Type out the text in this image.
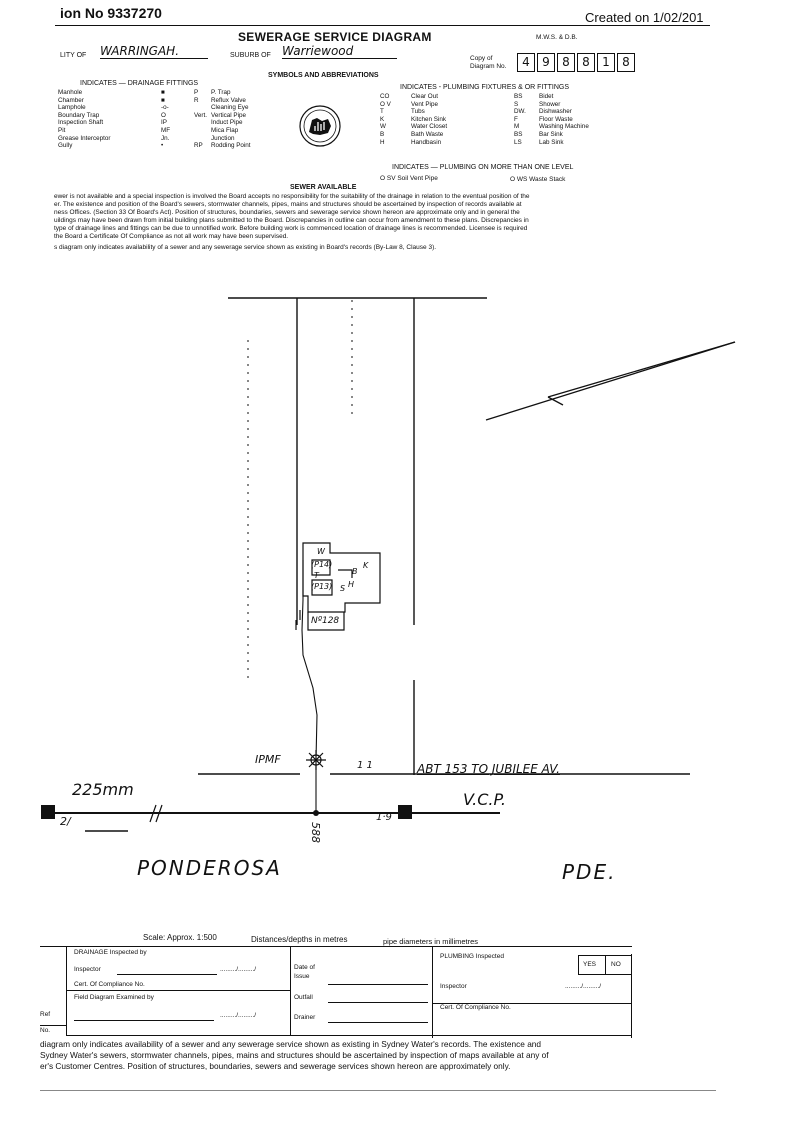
ion No 9337270	Created on 1/02/201
SEWERAGE SERVICE DIAGRAM	M.W.S. & D.B.
LITY OF WARRINGAH.	SUBURB OF Warriewood
Copy of
Diagram No.	4	9	8	8	1	8
SYMBOLS AND ABBREVIATIONS
INDICATES — DRAINAGE FITTINGS
Manhole	■	P	P. Trap
Chamber	■	R	Reflux Valve
Lamphole	-o-		Cleaning Eye
Boundary Trap	O	Vert.	Vertical Pipe
Inspection Shaft	IP		Induct Pipe
Pit	MF		Mica Flap
Grease Interceptor	Jn.		Junction
Gully	•	RP	Rodding Point
INDICATES - PLUMBING FIXTURES & OR FITTINGS
CO	Clear Out	BS	Bidet
O V	Vent Pipe	S	Shower
T	Tubs	DW.	Dishwasher
K	Kitchen Sink	F	Floor Waste
W	Water Closet	M	Washing Machine
B	Bath Waste	BS	Bar Sink
H	Handbasin	LS	Lab Sink
INDICATES — PLUMBING ON MORE THAN ONE LEVEL
O SV Soil Vent Pipe	O WS Waste Stack
SEWER AVAILABLE
ewer is not available and a special inspection is involved the Board accepts no responsibility for the suitability of the drainage in relation to the eventual position of the
er. The existence and position of the Board's sewers, stormwater channels, pipes, mains and structures should be ascertained by inspection of records available at
ness Offices. (Section 33 Of Board's Act). Position of structures, boundaries, sewers and sewerage service shown hereon are approximate only and in general the
uildings may have been drawn from initial building plans submitted to the Board. Discrepancies in outline can occur from amendment to these plans. Discrepancies in
type of drainage lines and fittings can be due to unnotified work. Before building work is commenced location of drainage lines is recommended. Licensee is required
the Board a Certificate Of Compliance as not all work may have been supervised.
s diagram only indicates availability of a sewer and any sewerage service shown as existing in Board's records (By-Law 8, Clause 3).
W
(P14)
T	B
K
(P13) S H
Nº128
IPMF	1 1	ABT 153 TO JUBILEE AV.
225mm
2/	1·9
588
V.C.P.
PONDEROSA	PDE.
Scale: Approx. 1:500	Distances/depths in metres	pipe diameters in millimetres
DRAINAGE Inspected by
Inspector	........./........./
Cert. Of Compliance No.
Field Diagram Examined by
........./........./
Date of
Issue
Outfall
Drainer
PLUMBING Inspected
YES NO
Inspector	........./........./
Cert. Of Compliance No.
Ref
No.
diagram only indicates availability of a sewer and any sewerage service shown as existing in Sydney Water's records. The existence and
Sydney Water's sewers, stormwater channels, pipes, mains and structures should be ascertained by inspection of maps available at any of
er's Customer Centres. Position of structures, boundaries, sewers and sewerage services shown hereon are approximately only.
